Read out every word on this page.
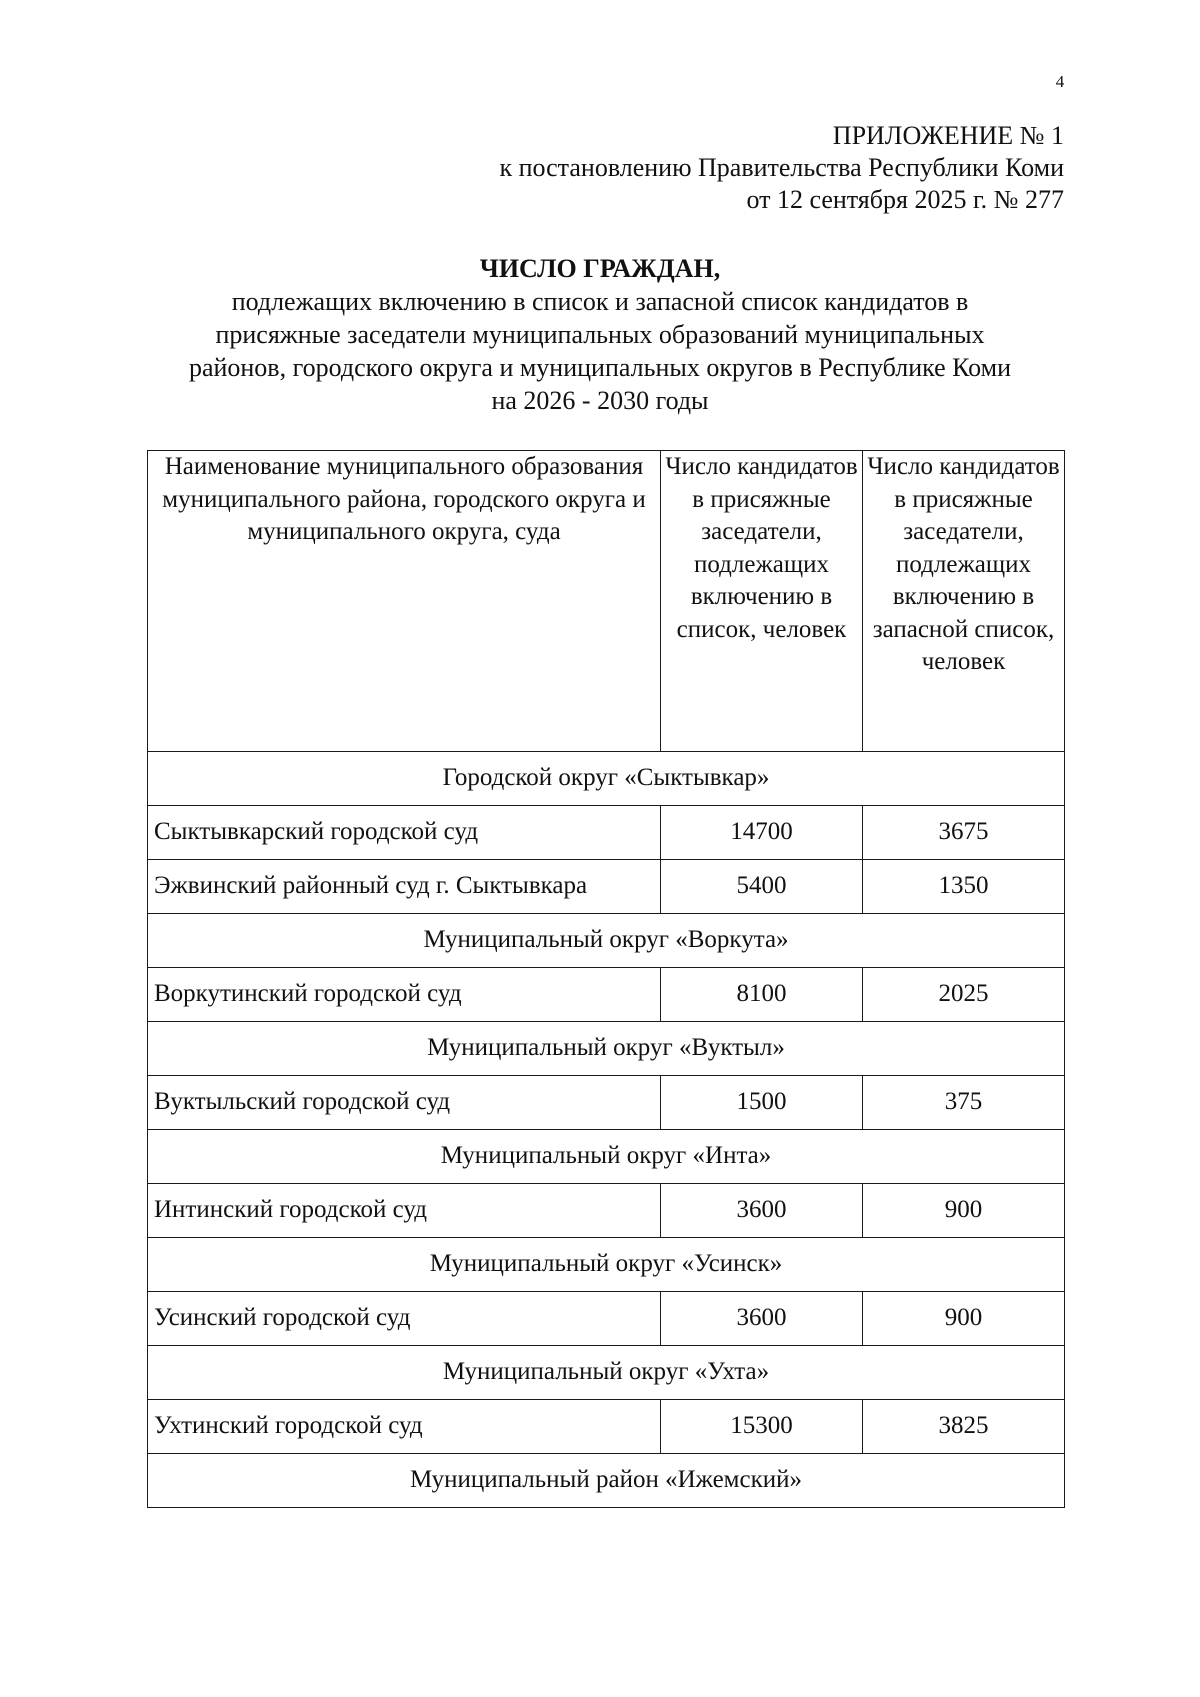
4
ПРИЛОЖЕНИЕ № 1
к постановлению Правительства Республики Коми
от 12 сентября 2025 г. № 277
ЧИСЛО ГРАЖДАН,
подлежащих включению в список и запасной список кандидатов в
присяжные заседатели муниципальных образований муниципальных
районов, городского округа и муниципальных округов в Республике Коми
на 2026 - 2030 годы
Наименование муниципального образования муниципального района, городского округа и муниципального округа, суда	Число кандидатов в присяжные заседатели, подлежащих включению в список, человек	Число кандидатов в присяжные заседатели, подлежащих включению в запасной список, человек
Городской округ «Сыктывкар»		
Сыктывкарский городской суд	14700	3675
Эжвинский районный суд г. Сыктывкара	5400	1350
Муниципальный округ «Воркута»		
Воркутинский городской суд	8100	2025
Муниципальный округ «Вуктыл»		
Вуктыльский городской суд	1500	375
Муниципальный округ «Инта»		
Интинский городской суд	3600	900
Муниципальный округ «Усинск»		
Усинский городской суд	3600	900
Муниципальный округ «Ухта»		
Ухтинский городской суд	15300	3825
Муниципальный район «Ижемский»		
